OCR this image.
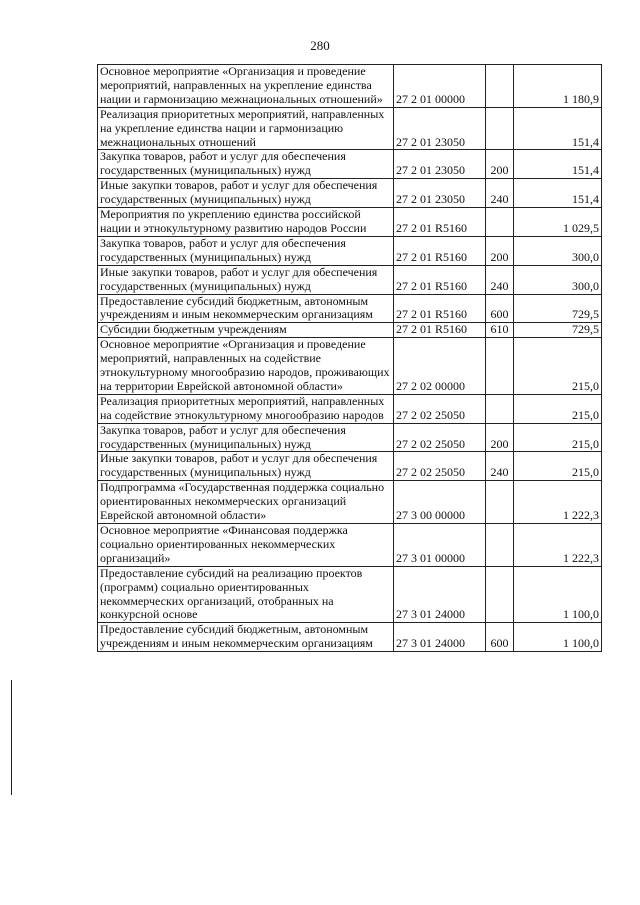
280
Основное мероприятие «Организация и проведение мероприятий, направленных на укрепление единства нации и гармонизацию межнациональных отношений»	27 2 01 00000		1 180,9
Реализация приоритетных мероприятий, направленных на укрепление единства нации и гармонизацию межнациональных отношений	27 2 01 23050		151,4
Закупка товаров, работ и услуг для обеспечения государственных (муниципальных) нужд	27 2 01 23050	200	151,4
Иные закупки товаров, работ и услуг для обеспечения государственных (муниципальных) нужд	27 2 01 23050	240	151,4
Мероприятия по укреплению единства российской нации и этнокультурному развитию народов России	27 2 01 R5160		1 029,5
Закупка товаров, работ и услуг для обеспечения государственных (муниципальных) нужд	27 2 01 R5160	200	300,0
Иные закупки товаров, работ и услуг для обеспечения государственных (муниципальных) нужд	27 2 01 R5160	240	300,0
Предоставление субсидий бюджетным, автономным учреждениям и иным некоммерческим организациям	27 2 01 R5160	600	729,5
Субсидии бюджетным учреждениям	27 2 01 R5160	610	729,5
Основное мероприятие «Организация и проведение мероприятий, направленных на содействие этнокультурному многообразию народов, проживающих на территории Еврейской автономной области»	27 2 02 00000		215,0
Реализация приоритетных мероприятий, направленных на содействие этнокультурному многообразию народов	27 2 02 25050		215,0
Закупка товаров, работ и услуг для обеспечения государственных (муниципальных) нужд	27 2 02 25050	200	215,0
Иные закупки товаров, работ и услуг для обеспечения государственных (муниципальных) нужд	27 2 02 25050	240	215,0
Подпрограмма «Государственная поддержка социально ориентированных некоммерческих организаций Еврейской автономной области»	27 3 00 00000		1 222,3
Основное мероприятие «Финансовая поддержка социально ориентированных некоммерческих организаций»	27 3 01 00000		1 222,3
Предоставление субсидий на реализацию проектов (программ) социально ориентированных некоммерческих организаций, отобранных на конкурсной основе	27 3 01 24000		1 100,0
Предоставление субсидий бюджетным, автономным учреждениям и иным некоммерческим организациям	27 3 01 24000	600	1 100,0
